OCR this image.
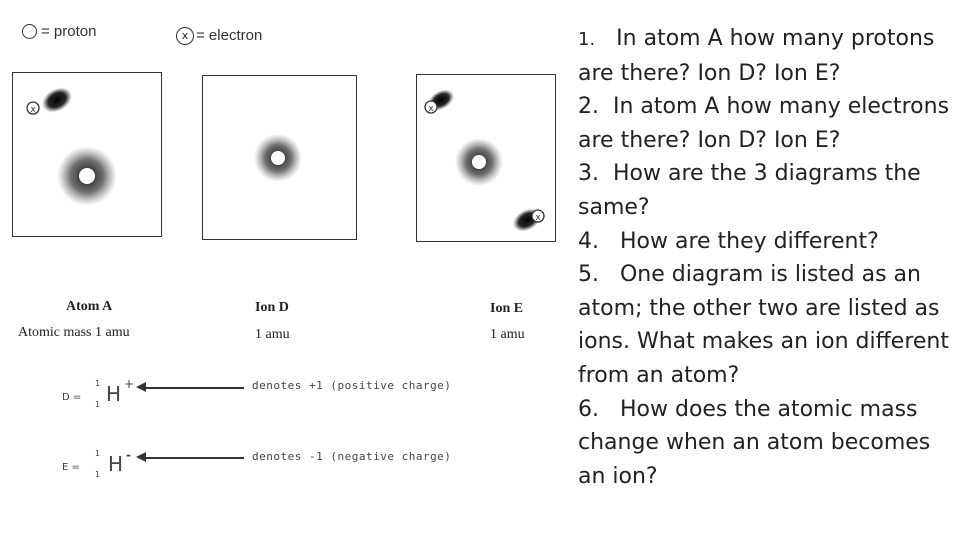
= proton	x = electron
x	x
x
Atom A
Atomic mass 1 amu
Ion D
1 amu
Ion E
1 amu
D =
1
1 H +	denotes +1 (positive charge)
E =
1
1 H -	denotes -1 (negative charge)
1. In atom A how many protons are there? Ion D? Ion E?
2. In atom A how many electrons are there? Ion D? Ion E?
3. How are the 3 diagrams the same?
4. How are they different?
5. One diagram is listed as an atom; the other two are listed as ions. What makes an ion different from an atom?
6. How does the atomic mass change when an atom becomes an ion?
